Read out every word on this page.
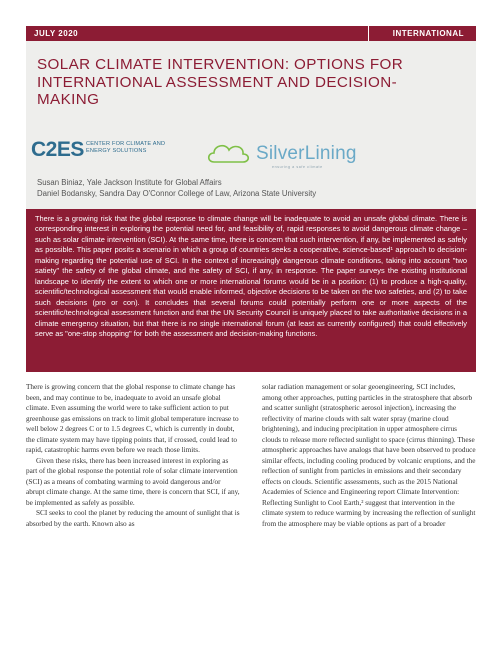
JULY 2020	INTERNATIONAL
SOLAR CLIMATE INTERVENTION: OPTIONS FOR INTERNATIONAL ASSESSMENT AND DECISION-MAKING
C2ES CENTER FOR CLIMATE AND ENERGY SOLUTIONS	SilverLining
ensuring a safe climate
Susan Biniaz, Yale Jackson Institute for Global Affairs
Daniel Bodansky, Sandra Day O'Connor College of Law, Arizona State University

There is a growing risk that the global response to climate change will be inadequate to avoid an unsafe global climate. There is corresponding interest in exploring the potential need for, and feasibility of, rapid responses to avoid dangerous climate change – such as solar climate intervention (SCI). At the same time, there is concern that such intervention, if any, be implemented as safely as possible. This paper posits a scenario in which a group of countries seeks a cooperative, science-based¹ approach to decision-making regarding the potential use of SCI. In the context of increasingly dangerous climate conditions, taking into account "two satiety" the safety of the global climate, and the safety of SCI, if any, in response. The paper surveys the existing institutional landscape to identify the extent to which one or more international forums would be in a position: (1) to produce a high-quality, scientific/technological assessment that would enable informed, objective decisions to be taken on the two safeties, and (2) to take such decisions (pro or con). It concludes that several forums could potentially perform one or more aspects of the scientific/technological assessment function and that the UN Security Council is uniquely placed to take authoritative decisions in a climate emergency situation, but that there is no single international forum (at least as currently configured) that could effectively serve as "one-stop shopping" for both the assessment and decision-making functions.

There is growing concern that the global response to climate change has been, and may continue to be, inadequate to avoid an unsafe global climate. Even assuming the world were to take sufficient action to put greenhouse gas emissions on track to limit global temperature increase to well below 2 degrees C or to 1.5 degrees C, which is currently in doubt, the climate system may have tipping points that, if crossed, could lead to rapid, catastrophic harms even before we reach those limits.

Given these risks, there has been increased interest in exploring as part of the global response the potential role of solar climate intervention (SCI) as a means of combating warming to avoid dangerous and/or abrupt climate change. At the same time, there is concern that SCI, if any, be implemented as safely as possible.

SCI seeks to cool the planet by reducing the amount of sunlight that is absorbed by the earth. Known also as

solar radiation management or solar geoengineering, SCI includes, among other approaches, putting particles in the stratosphere that absorb and scatter sunlight (stratospheric aerosol injection), increasing the reflectivity of marine clouds with salt water spray (marine cloud brightening), and inducing precipitation in upper atmosphere cirrus clouds to release more reflected sunlight to space (cirrus thinning). These atmospheric approaches have analogs that have been observed to produce similar effects, including cooling produced by volcanic eruptions, and the reflection of sunlight from particles in emissions and their secondary effects on clouds. Scientific assessments, such as the 2015 National Academies of Science and Engineering report Climate Intervention: Reflecting Sunlight to Cool Earth,² suggest that intervention in the climate system to reduce warming by increasing the reflection of sunlight from the atmosphere may be viable options as part of a broader
